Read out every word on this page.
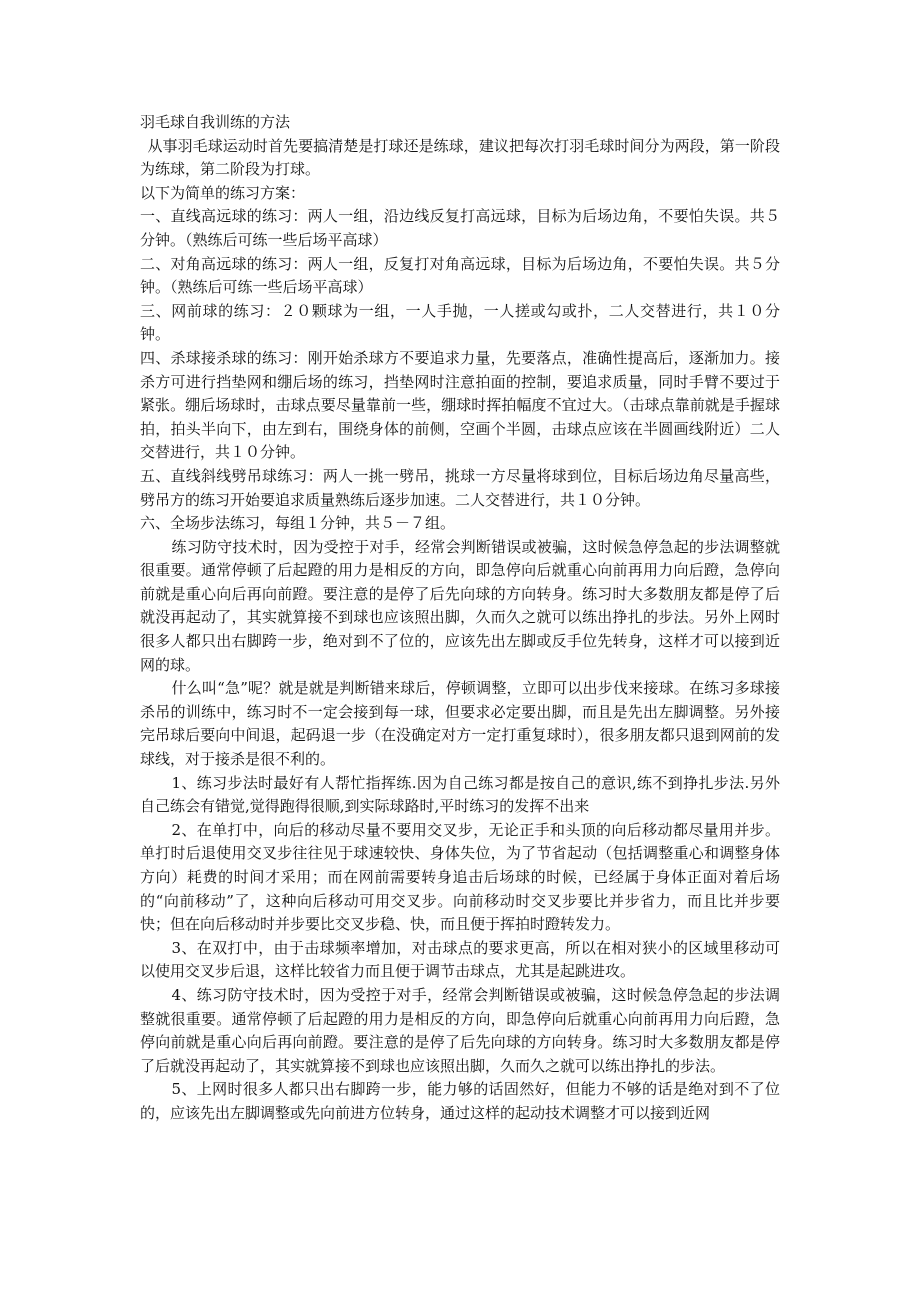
羽毛球自我训练的方法

从事羽毛球运动时首先要搞清楚是打球还是练球，建议把每次打羽毛球时间分为两段，第一阶段为练球，第二阶段为打球。

以下为简单的练习方案：

一、直线高远球的练习：两人一组，沿边线反复打高远球，目标为后场边角，不要怕失误。共５分钟。（熟练后可练一些后场平高球）

二、对角高远球的练习：两人一组，反复打对角高远球，目标为后场边角，不要怕失误。共５分钟。（熟练后可练一些后场平高球）

三、网前球的练习：２０颗球为一组，一人手抛，一人搓或勾或扑，二人交替进行，共１０分钟。

四、杀球接杀球的练习：刚开始杀球方不要追求力量，先要落点，准确性提高后，逐渐加力。接杀方可进行挡垫网和绷后场的练习，挡垫网时注意拍面的控制，要追求质量，同时手臂不要过于紧张。绷后场球时，击球点要尽量靠前一些，绷球时挥拍幅度不宜过大。（击球点靠前就是手握球拍，拍头半向下，由左到右，围绕身体的前侧，空画个半圆，击球点应该在半圆画线附近）二人交替进行，共１０分钟。

五、直线斜线劈吊球练习：两人一挑一劈吊，挑球一方尽量将球到位，目标后场边角尽量高些，劈吊方的练习开始要追求质量熟练后逐步加速。二人交替进行，共１０分钟。

六、全场步法练习，每组１分钟，共５－７组。

练习防守技术时，因为受控于对手，经常会判断错误或被骗，这时候急停急起的步法调整就很重要。通常停顿了后起蹬的用力是相反的方向，即急停向后就重心向前再用力向后蹬，急停向前就是重心向后再向前蹬。要注意的是停了后先向球的方向转身。练习时大多数朋友都是停了后就没再起动了，其实就算接不到球也应该照出脚，久而久之就可以练出挣扎的步法。另外上网时很多人都只出右脚跨一步，绝对到不了位的，应该先出左脚或反手位先转身，这样才可以接到近网的球。

什么叫“急”呢？就是就是判断错来球后，停顿调整，立即可以出步伐来接球。在练习多球接杀吊的训练中，练习时不一定会接到每一球，但要求必定要出脚，而且是先出左脚调整。另外接完吊球后要向中间退，起码退一步（在没确定对方一定打重复球时），很多朋友都只退到网前的发球线，对于接杀是很不利的。

1、练习步法时最好有人帮忙指挥练.因为自己练习都是按自己的意识,练不到挣扎步法.另外自己练会有错觉,觉得跑得很顺,到实际球路时,平时练习的发挥不出来

2、在单打中，向后的移动尽量不要用交叉步，无论正手和头顶的向后移动都尽量用并步。单打时后退使用交叉步往往见于球速较快、身体失位，为了节省起动（包括调整重心和调整身体方向）耗费的时间才采用；而在网前需要转身追击后场球的时候，已经属于身体正面对着后场的“向前移动”了，这种向后移动可用交叉步。向前移动时交叉步要比并步省力，而且比并步要快；但在向后移动时并步要比交叉步稳、快，而且便于挥拍时蹬转发力。

3、在双打中，由于击球频率增加，对击球点的要求更高，所以在相对狭小的区域里移动可以使用交叉步后退，这样比较省力而且便于调节击球点，尤其是起跳进攻。

4、练习防守技术时，因为受控于对手，经常会判断错误或被骗，这时候急停急起的步法调整就很重要。通常停顿了后起蹬的用力是相反的方向，即急停向后就重心向前再用力向后蹬，急停向前就是重心向后再向前蹬。要注意的是停了后先向球的方向转身。练习时大多数朋友都是停了后就没再起动了，其实就算接不到球也应该照出脚，久而久之就可以练出挣扎的步法。

5、上网时很多人都只出右脚跨一步，能力够的话固然好，但能力不够的话是绝对到不了位的，应该先出左脚调整或先向前进方位转身，通过这样的起动技术调整才可以接到近网
